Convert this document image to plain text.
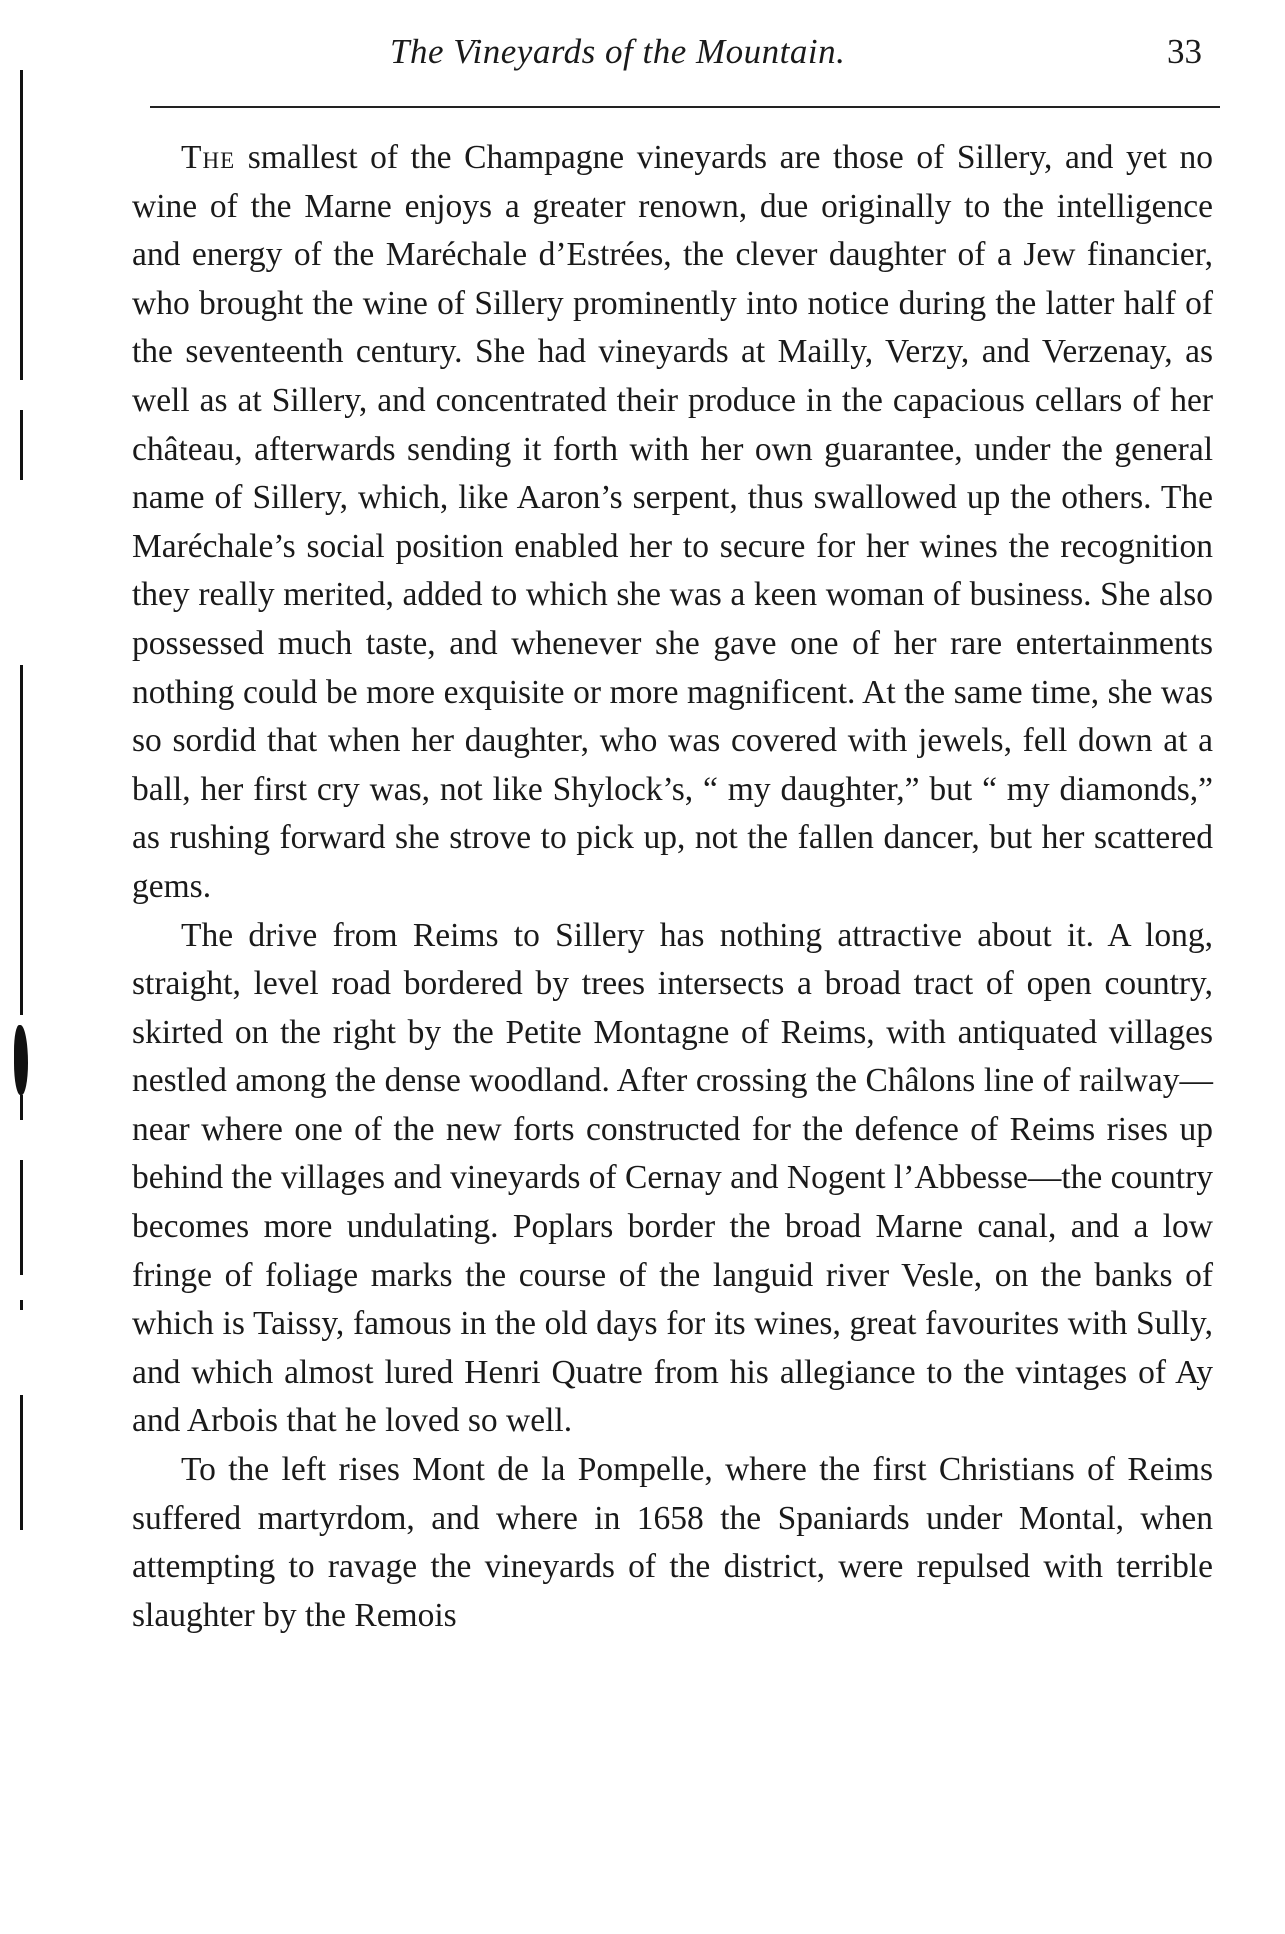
The Vineyards of the Mountain.	33

The smallest of the Champagne vineyards are those of Sillery, and yet no wine of the Marne enjoys a greater renown, due originally to the intelligence and energy of the Maréchale d’Estrées, the clever daughter of a Jew financier, who brought the wine of Sillery prominently into notice during the latter half of the seventeenth century. She had vineyards at Mailly, Verzy, and Verzenay, as well as at Sillery, and concentrated their produce in the capacious cellars of her château, afterwards sending it forth with her own guarantee, under the general name of Sillery, which, like Aaron’s serpent, thus swallowed up the others. The Maréchale’s social position enabled her to secure for her wines the recognition they really merited, added to which she was a keen woman of business. She also possessed much taste, and whenever she gave one of her rare entertainments nothing could be more exquisite or more magnificent. At the same time, she was so sordid that when her daughter, who was covered with jewels, fell down at a ball, her first cry was, not like Shylock’s, “ my daughter,” but “ my diamonds,” as rushing forward she strove to pick up, not the fallen dancer, but her scattered gems.

The drive from Reims to Sillery has nothing attractive about it. A long, straight, level road bordered by trees intersects a broad tract of open country, skirted on the right by the Petite Montagne of Reims, with antiquated villages nestled among the dense woodland. After crossing the Châlons line of railway—near where one of the new forts constructed for the defence of Reims rises up behind the villages and vineyards of Cernay and Nogent l’Abbesse—the country becomes more undulating. Poplars border the broad Marne canal, and a low fringe of foliage marks the course of the languid river Vesle, on the banks of which is Taissy, famous in the old days for its wines, great favourites with Sully, and which almost lured Henri Quatre from his allegiance to the vintages of Ay and Arbois that he loved so well.

To the left rises Mont de la Pompelle, where the first Christians of Reims suffered martyrdom, and where in 1658 the Spaniards under Montal, when attempting to ravage the vineyards of the district, were repulsed with terrible slaughter by the Remois
